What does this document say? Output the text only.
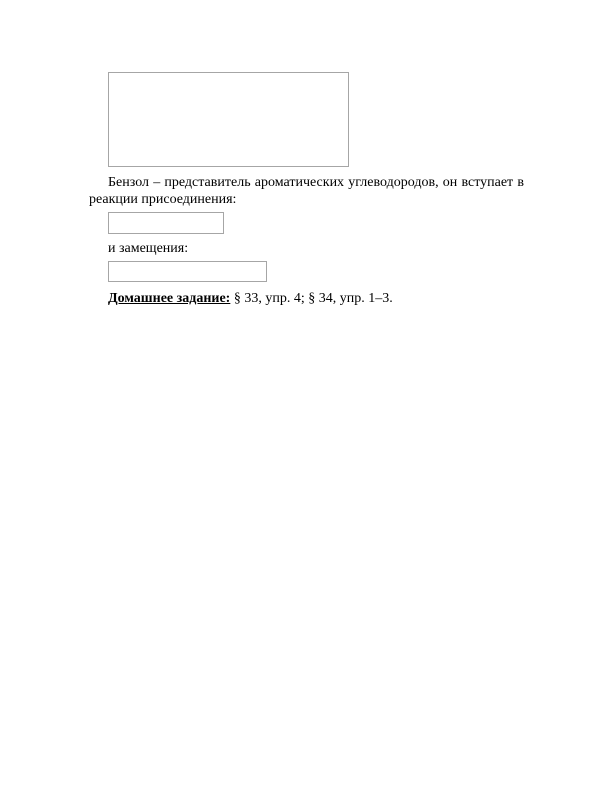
Бензол – представитель ароматических углеводородов, он вступает в
реакции присоединения:
и замещения:
Домашнее задание: § 33, упр. 4; § 34, упр. 1–3.
